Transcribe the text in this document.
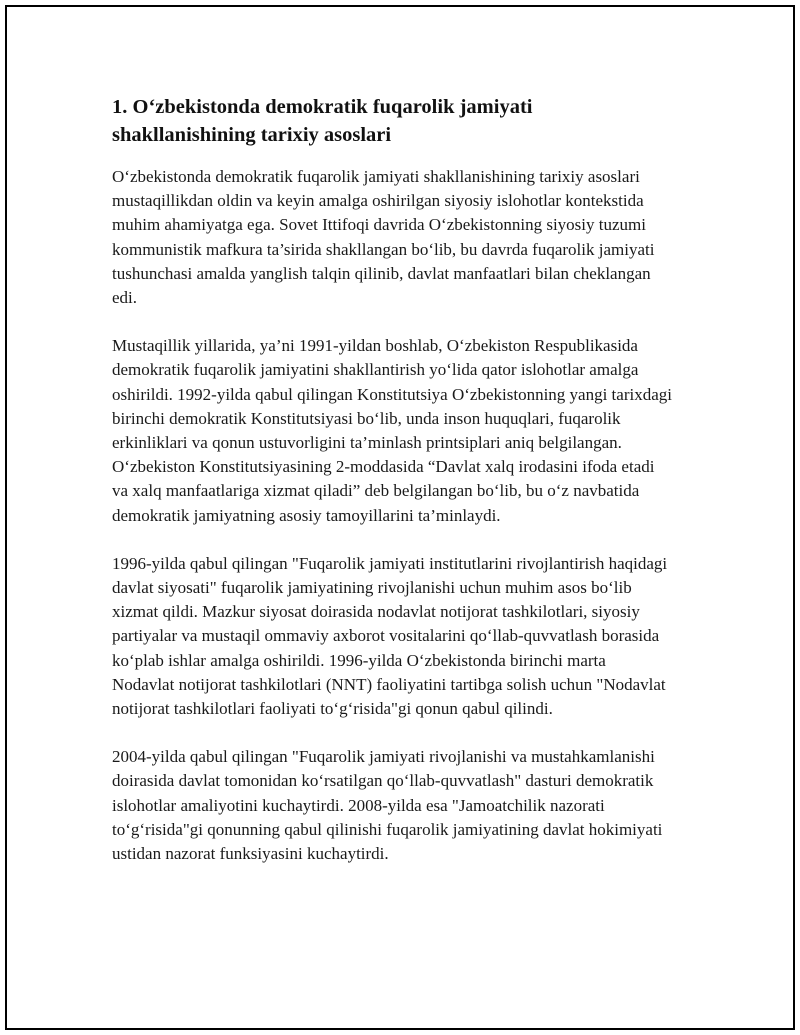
1. O‘zbekistonda demokratik fuqarolik jamiyati shakllanishining tarixiy asoslari

O‘zbekistonda demokratik fuqarolik jamiyati shakllanishining tarixiy asoslari mustaqillikdan oldin va keyin amalga oshirilgan siyosiy islohotlar kontekstida muhim ahamiyatga ega. Sovet Ittifoqi davrida O‘zbekistonning siyosiy tuzumi kommunistik mafkura ta’sirida shakllangan bo‘lib, bu davrda fuqarolik jamiyati tushunchasi amalda yanglish talqin qilinib, davlat manfaatlari bilan cheklangan edi.

Mustaqillik yillarida, ya’ni 1991-yildan boshlab, O‘zbekiston Respublikasida demokratik fuqarolik jamiyatini shakllantirish yo‘lida qator islohotlar amalga oshirildi. 1992-yilda qabul qilingan Konstitutsiya O‘zbekistonning yangi tarixdagi birinchi demokratik Konstitutsiyasi bo‘lib, unda inson huquqlari, fuqarolik erkinliklari va qonun ustuvorligini ta’minlash printsiplari aniq belgilangan. O‘zbekiston Konstitutsiyasining 2-moddasida “Davlat xalq irodasini ifoda etadi va xalq manfaatlariga xizmat qiladi” deb belgilangan bo‘lib, bu o‘z navbatida demokratik jamiyatning asosiy tamoyillarini ta’minlaydi.

1996-yilda qabul qilingan "Fuqarolik jamiyati institutlarini rivojlantirish haqidagi davlat siyosati" fuqarolik jamiyatining rivojlanishi uchun muhim asos bo‘lib xizmat qildi. Mazkur siyosat doirasida nodavlat notijorat tashkilotlari, siyosiy partiyalar va mustaqil ommaviy axborot vositalarini qo‘llab-quvvatlash borasida ko‘plab ishlar amalga oshirildi. 1996-yilda O‘zbekistonda birinchi marta Nodavlat notijorat tashkilotlari (NNT) faoliyatini tartibga solish uchun "Nodavlat notijorat tashkilotlari faoliyati to‘g‘risida"gi qonun qabul qilindi.

2004-yilda qabul qilingan "Fuqarolik jamiyati rivojlanishi va mustahkamlanishi doirasida davlat tomonidan ko‘rsatilgan qo‘llab-quvvatlash" dasturi demokratik islohotlar amaliyotini kuchaytirdi. 2008-yilda esa "Jamoatchilik nazorati to‘g‘risida"gi qonunning qabul qilinishi fuqarolik jamiyatining davlat hokimiyati ustidan nazorat funksiyasini kuchaytirdi.
